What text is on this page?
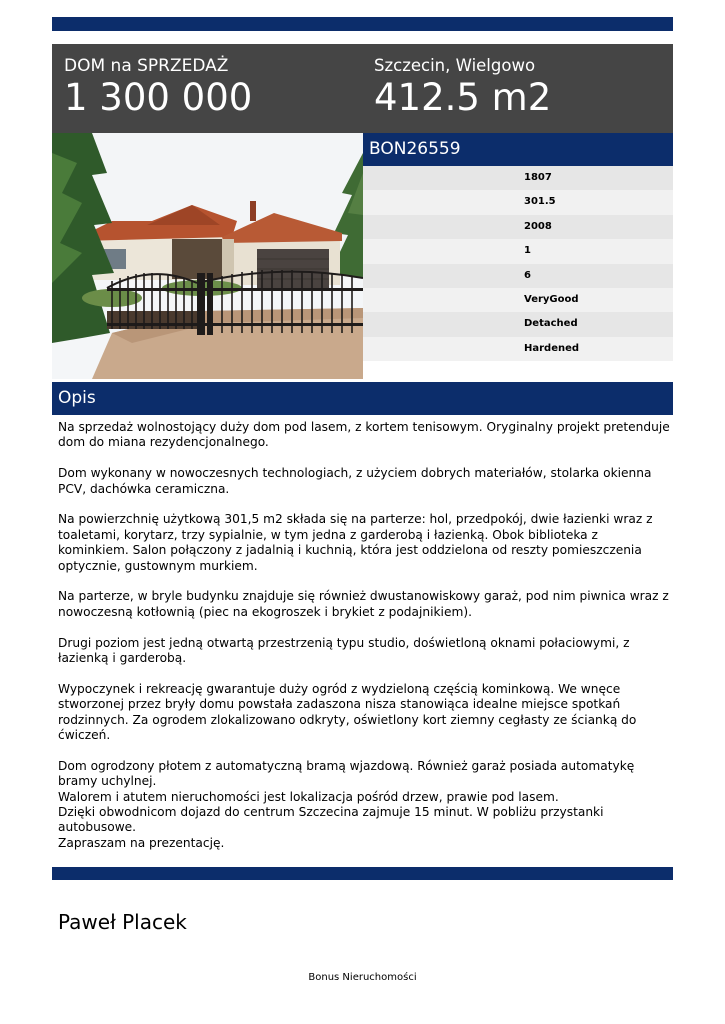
DOM na SPRZEDAŻ
1 300 000
Szczecin, Wielgowo
412.5 m2
BON26559
1807
301.5
2008
1
6
VeryGood
Detached
Hardened
Opis

Na sprzedaż wolnostojący duży dom pod lasem, z kortem tenisowym. Oryginalny projekt pretenduje dom do miana rezydencjonalnego.

Dom wykonany w nowoczesnych technologiach, z użyciem dobrych materiałów, stolarka okienna PCV, dachówka ceramiczna.

Na powierzchnię użytkową 301,5 m2 składa się na parterze: hol, przedpokój, dwie łazienki wraz z toaletami, korytarz, trzy sypialnie, w tym jedna z garderobą i łazienką. Obok biblioteka z kominkiem. Salon połączony z jadalnią i kuchnią, która jest oddzielona od reszty pomieszczenia optycznie, gustownym murkiem.

Na parterze, w bryle budynku znajduje się również dwustanowiskowy garaż, pod nim piwnica wraz z nowoczesną kotłownią (piec na ekogroszek i brykiet z podajnikiem).

Drugi poziom jest jedną otwartą przestrzenią typu studio, doświetloną oknami połaciowymi, z łazienką i garderobą.

Wypoczynek i rekreację gwarantuje duży ogród z wydzieloną częścią kominkową. We wnęce stworzonej przez bryły domu powstała zadaszona nisza stanowiąca idealne miejsce spotkań rodzinnych. Za ogrodem zlokalizowano odkryty, oświetlony kort ziemny cegłasty ze ścianką do ćwiczeń.

Dom ogrodzony płotem z automatyczną bramą wjazdową. Również garaż posiada automatykę bramy uchylnej.

Walorem i atutem nieruchomości jest lokalizacja pośród drzew, prawie pod lasem.

Dzięki obwodnicom dojazd do centrum Szczecina zajmuje 15 minut. W pobliżu przystanki autobusowe.

Zapraszam na prezentację.

Paweł Placek
Bonus Nieruchomości
